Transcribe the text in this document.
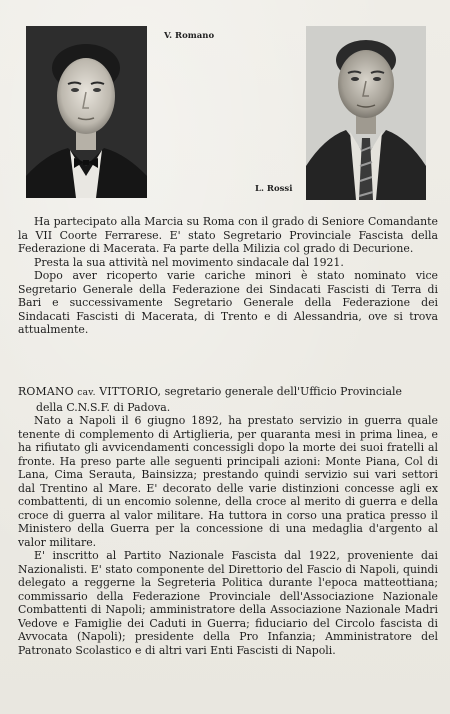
V. Romano
L. Rossi

Ha partecipato alla Marcia su Roma con il grado di Seniore Comandante la VII Coorte Ferrarese. E' stato Segretario Provinciale Fascista della Federazione di Macerata. Fa parte della Milizia col grado di Decurione.

Presta la sua attività nel movimento sindacale dal 1921.

Dopo aver ricoperto varie cariche minori è stato nominato vice Segretario Generale della Federazione dei Sindacati Fascisti di Terra di Bari e successivamente Segretario Generale della Federazione dei Sindacati Fascisti di Macerata, di Trento e di Alessandria, ove si trova attualmente.

ROMANO cav. VITTORIO, segretario generale dell'Ufficio Provinciale
della C.N.S.F. di Padova.

Nato a Napoli il 6 giugno 1892, ha prestato servizio in guerra quale tenente di complemento di Artiglieria, per quaranta mesi in prima linea, e ha rifiutato gli avvicendamenti concessigli dopo la morte dei suoi fratelli al fronte. Ha preso parte alle seguenti principali azioni: Monte Piana, Col di Lana, Cima Serauta, Bainsizza; prestando quindi servizio sui vari settori dal Trentino al Mare. E' decorato delle varie distinzioni concesse agli ex combattenti, di un encomio solenne, della croce al merito di guerra e della croce di guerra al valor militare. Ha tuttora in corso una pratica presso il Ministero della Guerra per la concessione di una medaglia d'argento al valor militare.

E' inscritto al Partito Nazionale Fascista dal 1922, proveniente dai Nazionalisti. E' stato componente del Direttorio del Fascio di Napoli, quindi delegato a reggerne la Segreteria Politica durante l'epoca matteottiana; commissario della Federazione Provinciale dell'Associazione Nazionale Combattenti di Napoli; amministratore della Associazione Nazionale Madri Vedove e Famiglie dei Caduti in Guerra; fiduciario del Circolo fascista di Avvocata (Napoli); presidente della Pro Infanzia; Amministratore del Patronato Scolastico e di altri vari Enti Fascisti di Napoli.
